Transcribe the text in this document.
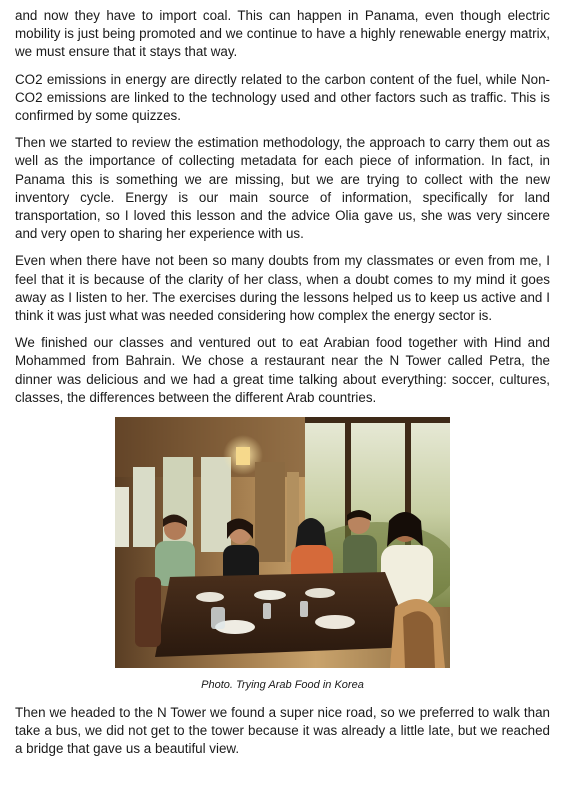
and now they have to import coal. This can happen in Panama, even though electric mobility is just being promoted and we continue to have a highly renewable energy matrix, we must ensure that it stays that way.

CO2 emissions in energy are directly related to the carbon content of the fuel, while Non-CO2 emissions are linked to the technology used and other factors such as traffic. This is confirmed by some quizzes.

Then we started to review the estimation methodology, the approach to carry them out as well as the importance of collecting metadata for each piece of information. In fact, in Panama this is something we are missing, but we are trying to collect with the new inventory cycle. Energy is our main source of information, specifically for land transportation, so I loved this lesson and the advice Olia gave us, she was very sincere and very open to sharing her experience with us.

Even when there have not been so many doubts from my classmates or even from me, I feel that it is because of the clarity of her class, when a doubt comes to my mind it goes away as I listen to her. The exercises during the lessons helped us to keep us active and I think it was just what was needed considering how complex the energy sector is.

We finished our classes and ventured out to eat Arabian food together with Hind and Mohammed from Bahrain. We chose a restaurant near the N Tower called Petra, the dinner was delicious and we had a great time talking about everything: soccer, cultures, classes, the differences between the different Arab countries.

Photo. Trying Arab Food in Korea

Then we headed to the N Tower we found a super nice road, so we preferred to walk than take a bus, we did not get to the tower because it was already a little late, but we reached a bridge that gave us a beautiful view.
